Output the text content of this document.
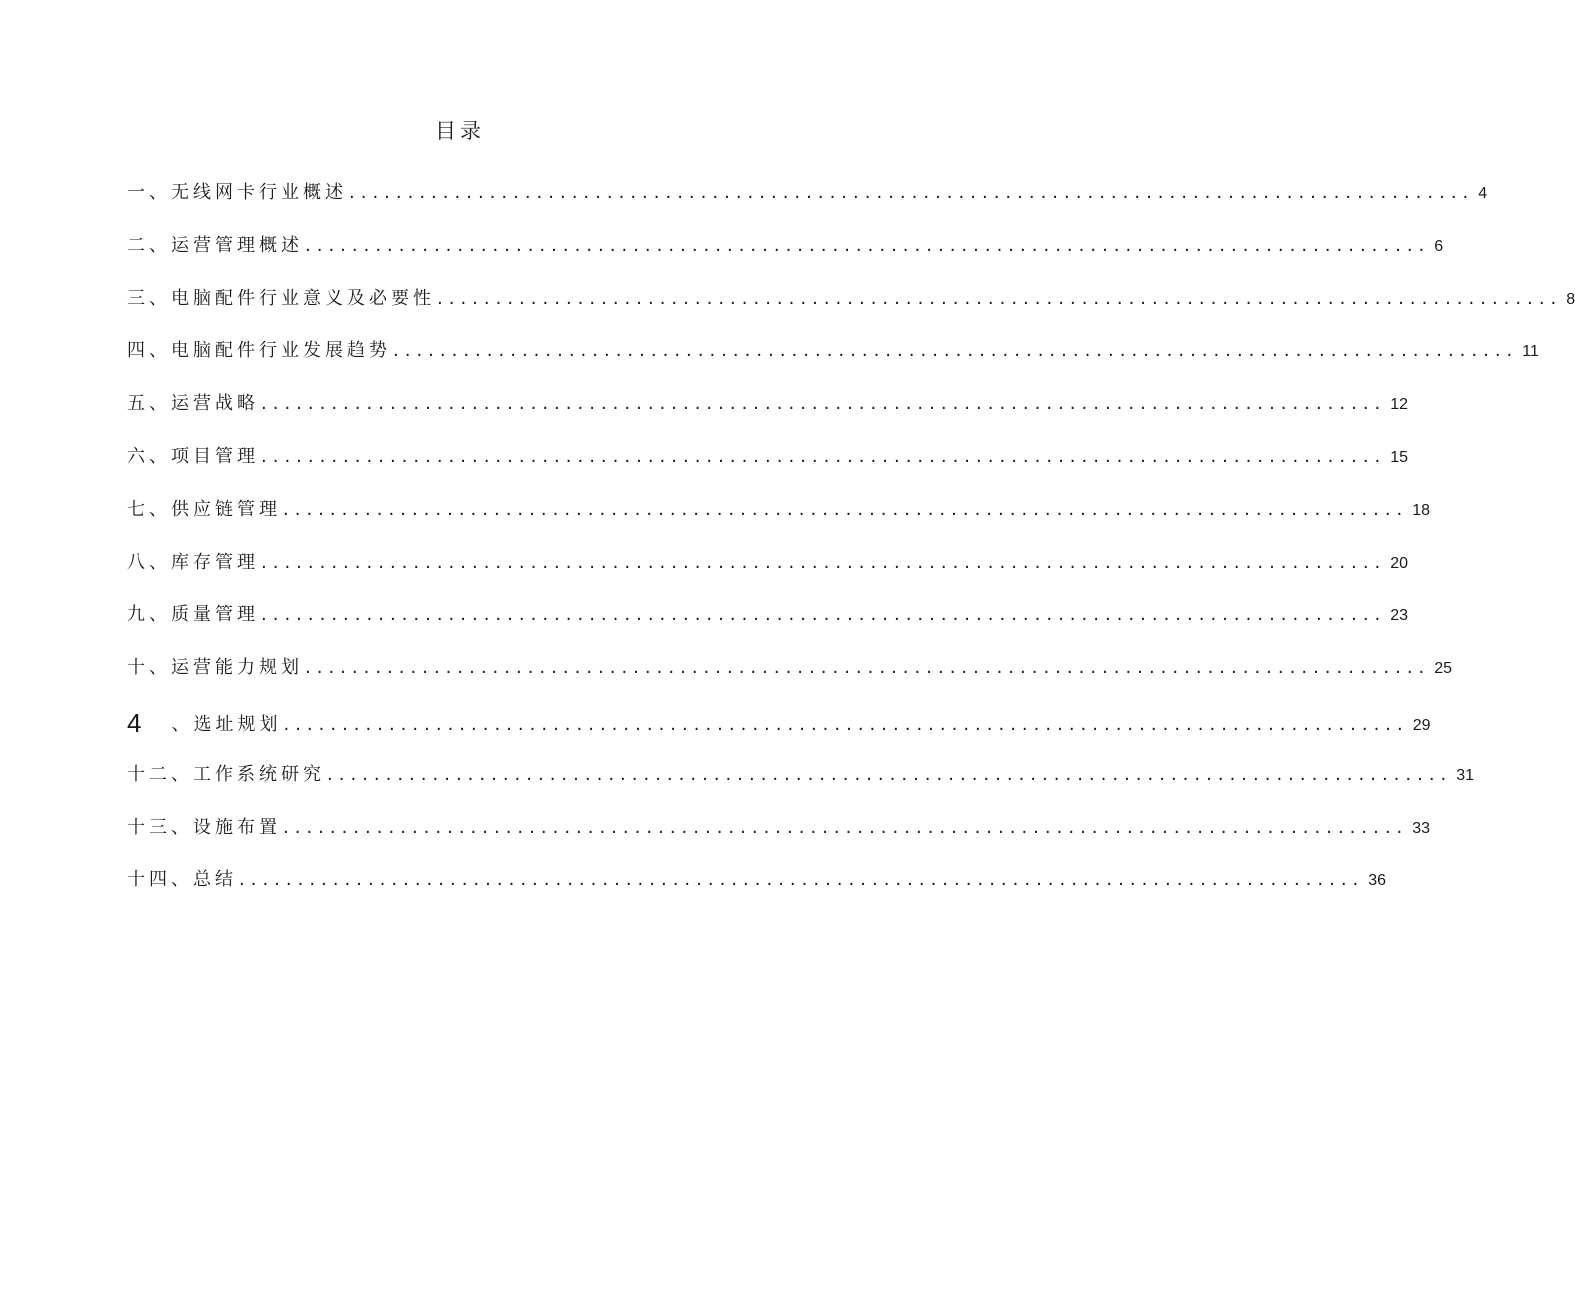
目录
一、无线网卡行业概述 ................................................................................................ 4
二、运营管理概述 ................................................................................................ 6
三、电脑配件行业意义及必要性 ................................................................................................ 8
四、电脑配件行业发展趋势 ................................................................................................ 11
五、运营战略 ................................................................................................ 12
六、项目管理 ................................................................................................ 15
七、供应链管理 ................................................................................................ 18
八、库存管理 ................................................................................................ 20
九、质量管理 ................................................................................................ 23
十、运营能力规划 ................................................................................................ 25
4 、选址规划 ................................................................................................ 29
十二、工作系统研究 ................................................................................................ 31
十三、设施布置 ................................................................................................ 33
十四、总结 ................................................................................................ 36
